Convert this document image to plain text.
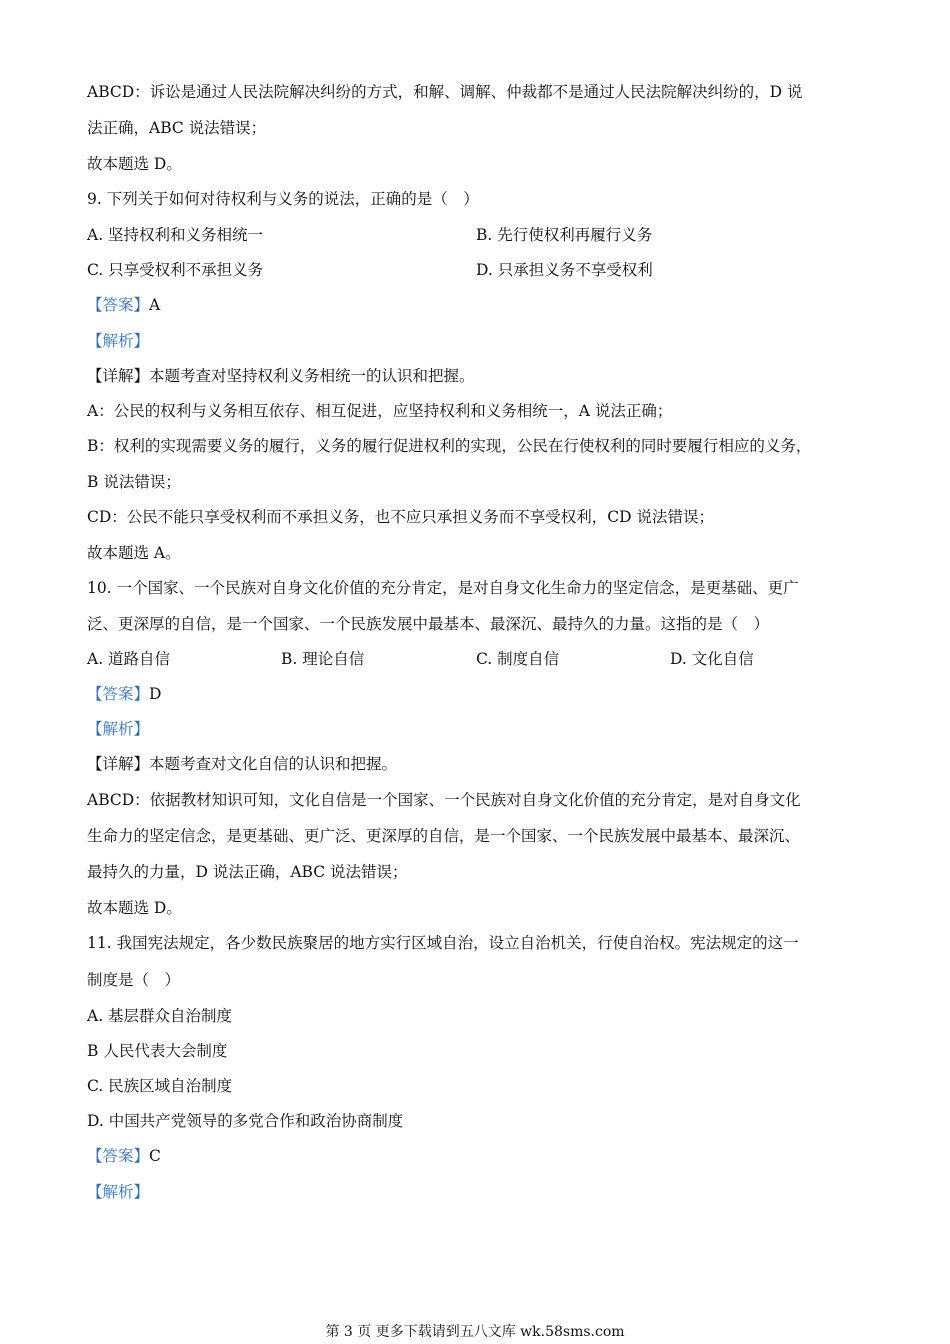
ABCD：诉讼是通过人民法院解决纠纷的方式，和解、调解、仲裁都不是通过人民法院解决纠纷的，D 说
法正确，ABC 说法错误；
故本题选 D。
9. 下列关于如何对待权利与义务的说法，正确的是（　）
A. 坚持权利和义务相统一	B. 先行使权利再履行义务
C. 只享受权利不承担义务	D. 只承担义务不享受权利
【答案】A
【解析】
【详解】本题考查对坚持权利义务相统一的认识和把握。
A：公民的权利与义务相互依存、相互促进，应坚持权利和义务相统一，A 说法正确；
B：权利的实现需要义务的履行，义务的履行促进权利的实现，公民在行使权利的同时要履行相应的义务，
B 说法错误；
CD：公民不能只享受权利而不承担义务，也不应只承担义务而不享受权利，CD 说法错误；
故本题选 A。
10. 一个国家、一个民族对自身文化价值的充分肯定，是对自身文化生命力的坚定信念，是更基础、更广
泛、更深厚的自信，是一个国家、一个民族发展中最基本、最深沉、最持久的力量。这指的是（　）
A. 道路自信	B. 理论自信	C. 制度自信	D. 文化自信
【答案】D
【解析】
【详解】本题考查对文化自信的认识和把握。
ABCD：依据教材知识可知，文化自信是一个国家、一个民族对自身文化价值的充分肯定，是对自身文化
生命力的坚定信念，是更基础、更广泛、更深厚的自信，是一个国家、一个民族发展中最基本、最深沉、
最持久的力量，D 说法正确，ABC 说法错误；
故本题选 D。
11. 我国宪法规定，各少数民族聚居的地方实行区域自治，设立自治机关，行使自治权。宪法规定的这一
制度是（　）
A. 基层群众自治制度
B 人民代表大会制度
C. 民族区域自治制度
D. 中国共产党领导的多党合作和政治协商制度
【答案】C
【解析】
第 3 页 更多下载请到五八文库 wk.58sms.com
